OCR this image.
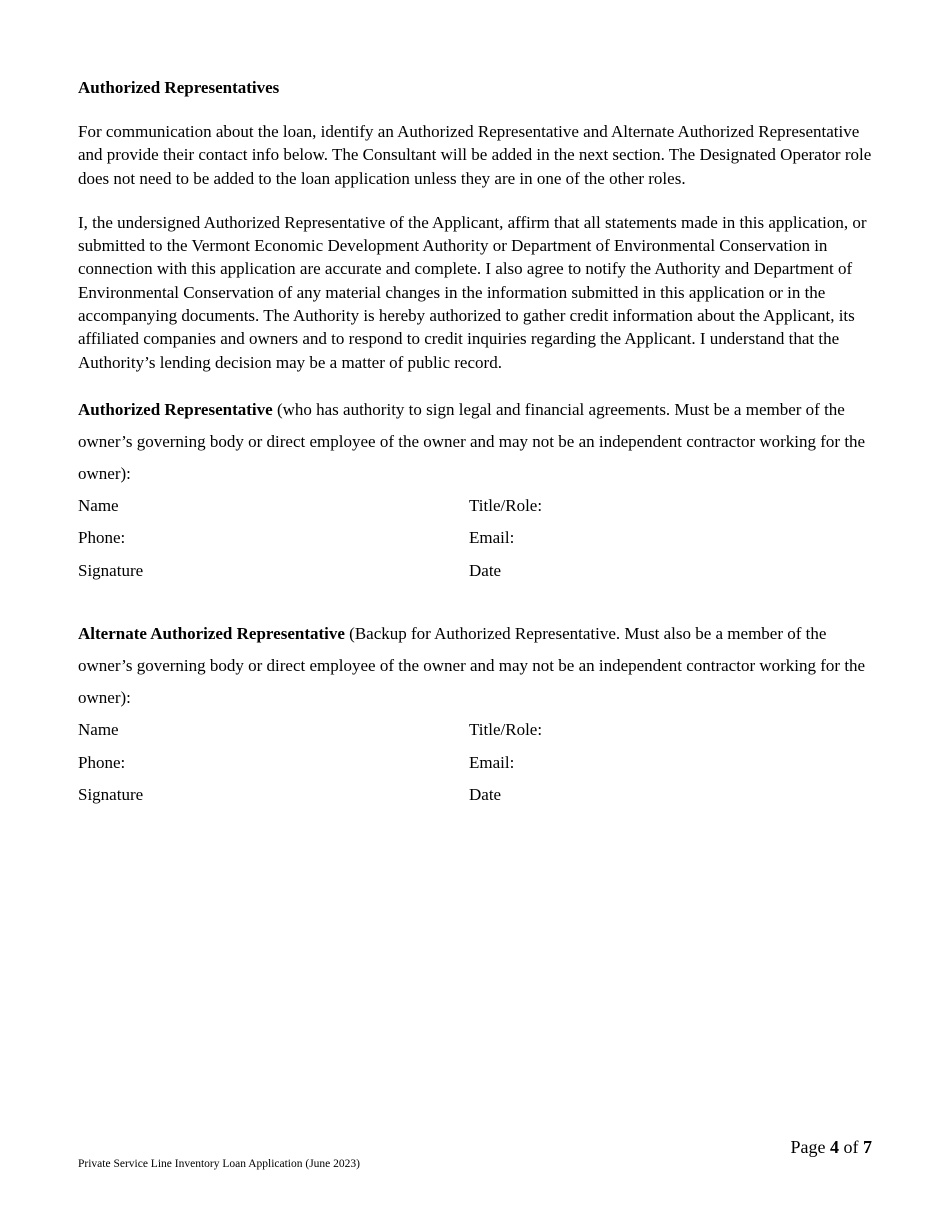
Authorized Representatives

For communication about the loan, identify an Authorized Representative and Alternate Authorized Representative and provide their contact info below. The Consultant will be added in the next section. The Designated Operator role does not need to be added to the loan application unless they are in one of the other roles.

I, the undersigned Authorized Representative of the Applicant, affirm that all statements made in this application, or submitted to the Vermont Economic Development Authority or Department of Environmental Conservation in connection with this application are accurate and complete. I also agree to notify the Authority and Department of Environmental Conservation of any material changes in the information submitted in this application or in the accompanying documents. The Authority is hereby authorized to gather credit information about the Applicant, its affiliated companies and owners and to respond to credit inquiries regarding the Applicant. I understand that the Authority’s lending decision may be a matter of public record.

Authorized Representative (who has authority to sign legal and financial agreements. Must be a member of the owner’s governing body or direct employee of the owner and may not be an independent contractor working for the owner):

Name	Title/Role:
Phone:	Email:
Signature	Date

Alternate Authorized Representative (Backup for Authorized Representative. Must also be a member of the owner’s governing body or direct employee of the owner and may not be an independent contractor working for the owner):

Name	Title/Role:
Phone:	Email:
Signature	Date
Page 4 of 7
Private Service Line Inventory Loan Application (June 2023)
